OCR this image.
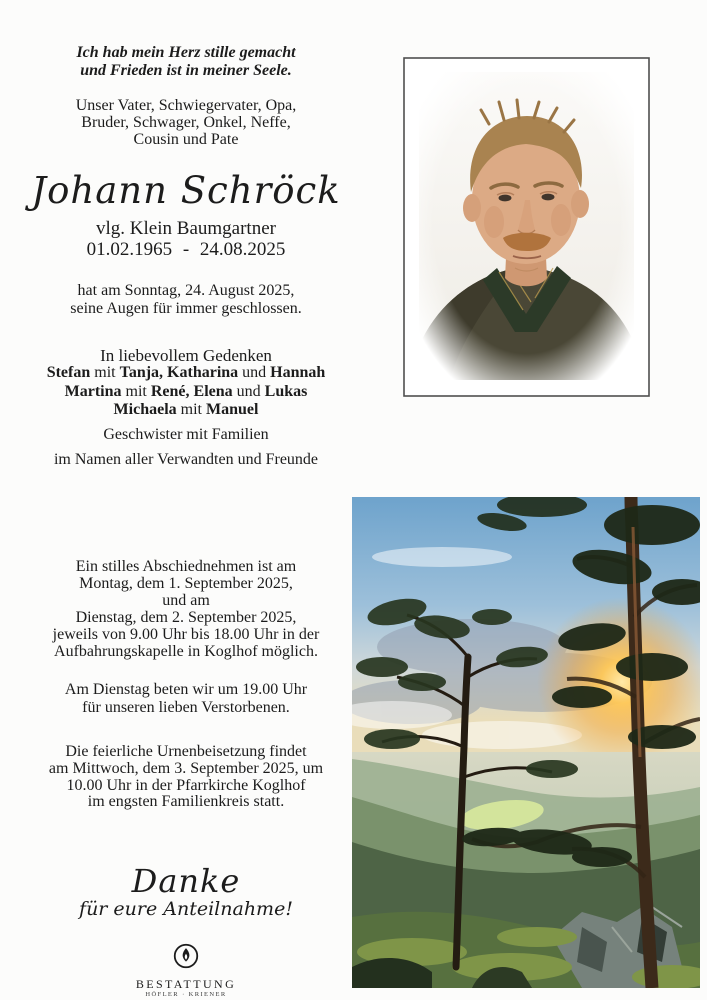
Ich hab mein Herz stille gemacht
und Frieden ist in meiner Seele.
Unser Vater, Schwiegervater, Opa,
Bruder, Schwager, Onkel, Neffe,
Cousin und Pate
Johann Schröck
vlg. Klein Baumgartner
01.02.1965 - 24.08.2025
hat am Sonntag, 24. August 2025,
seine Augen für immer geschlossen.
In liebevollem Gedenken
Stefan mit Tanja, Katharina und Hannah
Martina mit René, Elena und Lukas
Michaela mit Manuel
Geschwister mit Familien
im Namen aller Verwandten und Freunde
Ein stilles Abschiednehmen ist am
Montag, dem 1. September 2025,
und am
Dienstag, dem 2. September 2025,
jeweils von 9.00 Uhr bis 18.00 Uhr in der
Aufbahrungskapelle in Koglhof möglich.
Am Dienstag beten wir um 19.00 Uhr
für unseren lieben Verstorbenen.
Die feierliche Urnenbeisetzung findet
am Mittwoch, dem 3. September 2025, um
10.00 Uhr in der Pfarrkirche Koglhof
im engsten Familienkreis statt.
Danke
für eure Anteilnahme!
BESTATTUNG
HÖFLER · KRIENER
